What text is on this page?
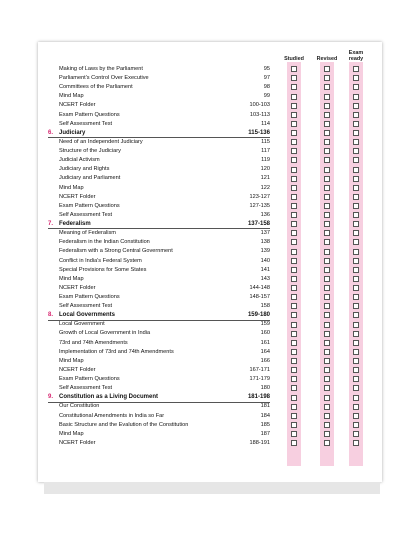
Studied	Revised
Exam ready
Making of Laws by the Parliament	95
Parliament's Control Over Executive	97
Committees of the Parliament	98
Mind Map	99
NCERT Folder	100-103
Exam Pattern Questions	103-113
Self Assessment Test	114
6. Judiciary	115-136
Need of an Independent Judiciary	115
Structure of the Judiciary	117
Judicial Activism	119
Judiciary and Rights	120
Judiciary and Parliament	121
Mind Map	122
NCERT Folder	123-127
Exam Pattern Questions	127-135
Self Assessment Test	136
7. Federalism	137-158
Meaning of Federalism	137
Federalism in the Indian Constitution	138
Federalism with a Strong Central Government	139
Conflict in India's Federal System	140
Special Provisions for Some States	141
Mind Map	143
NCERT Folder	144-148
Exam Pattern Questions	148-157
Self Assessment Test	158
8. Local Governments	159-180
Local Government	159
Growth of Local Government in India	160
73rd and 74th Amendments	161
Implementation of 73rd and 74th Amendments	164
Mind Map	166
NCERT Folder	167-171
Exam Pattern Questions	171-179
Self Assessment Test	180
9. Constitution as a Living Document	181-198
Our Constitution	181
Constitutional Amendments in India so Far	184
Basic Structure and the Evalution of the Constitution	185
Mind Map	187
NCERT Folder	188-191
